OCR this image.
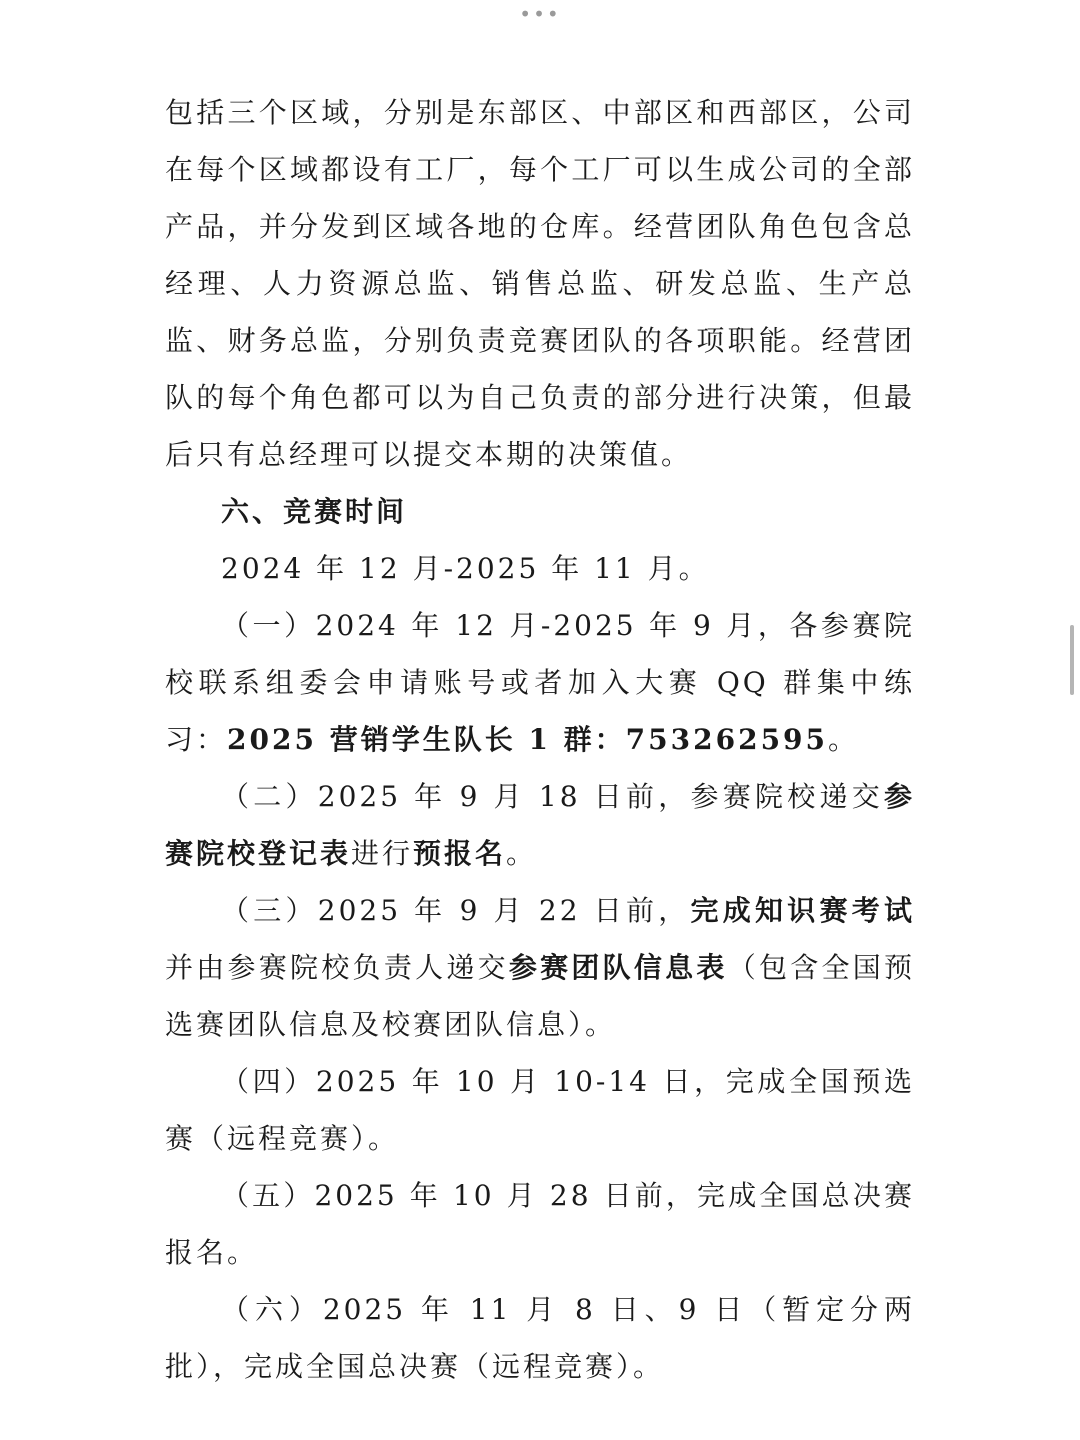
•••

包括三个区域，分别是东部区、中部区和西部区，公司在每个区域都设有工厂，每个工厂可以生成公司的全部产品，并分发到区域各地的仓库。经营团队角色包含总经理、人力资源总监、销售总监、研发总监、生产总监、财务总监，分别负责竞赛团队的各项职能。经营团队的每个角色都可以为自己负责的部分进行决策，但最后只有总经理可以提交本期的决策值。

六、竞赛时间

2024 年 12 月-2025 年 11 月。

（一）2024 年 12 月-2025 年 9 月，各参赛院校联系组委会申请账号或者加入大赛 QQ 群集中练习：2025 营销学生队长 1 群：753262595。

（二）2025 年 9 月 18 日前，参赛院校递交参赛院校登记表进行预报名。

（三）2025 年 9 月 22 日前，完成知识赛考试并由参赛院校负责人递交参赛团队信息表（包含全国预选赛团队信息及校赛团队信息）。

（四）2025 年 10 月 10-14 日，完成全国预选赛（远程竞赛）。

（五）2025 年 10 月 28 日前，完成全国总决赛报名。

（六）2025 年 11 月 8 日、9 日（暂定分两批），完成全国总决赛（远程竞赛）。
